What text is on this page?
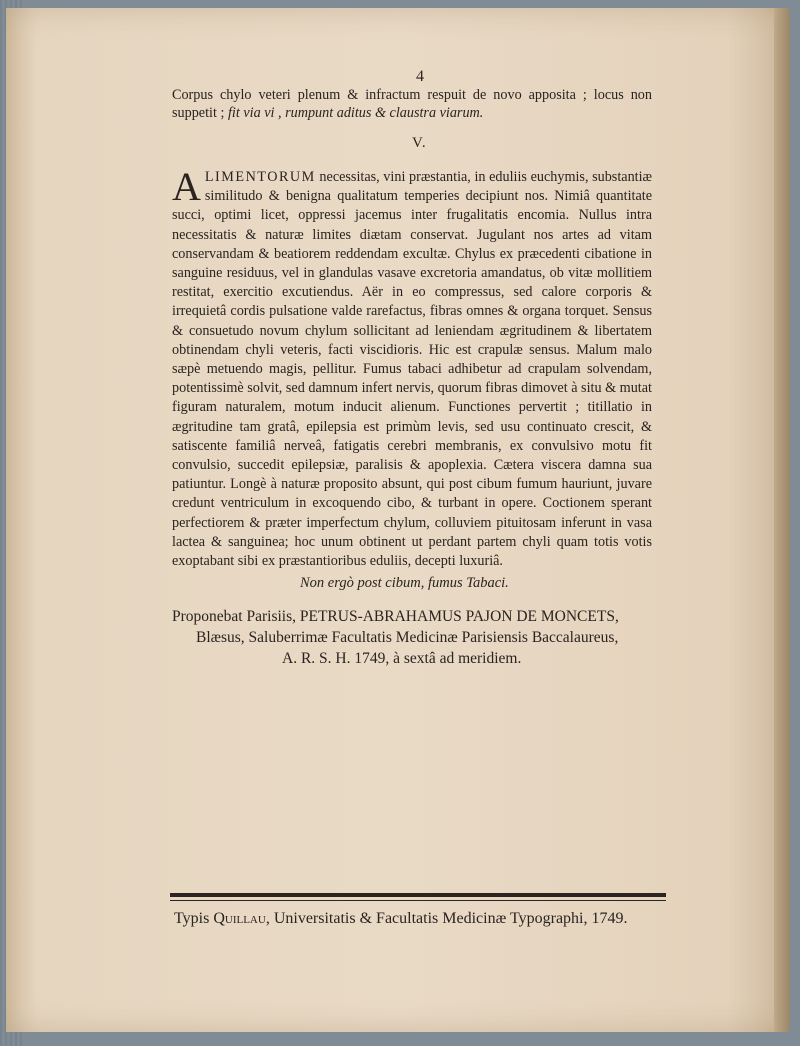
4
Corpus chylo veteri plenum & infractum respuit de novo apposita ; locus non suppetit ; fit via vi , rumpunt aditus & claustra viarum.
V.
ALIMENTORUM necessitas, vini præstantia, in eduliis euchymis, substantiæ similitudo & benigna qualitatum temperies decipiunt nos. Nimiâ quantitate succi, optimi licet, oppressi jacemus inter frugalitatis encomia. Nullus intra necessitatis & naturæ limites diætam conservat. Jugulant nos artes ad vitam conservandam & beatiorem reddendam excultæ. Chylus ex præcedenti cibatione in sanguine residuus, vel in glandulas vasave excretoria amandatus, ob vitæ mollitiem restitat, exercitio excutiendus. Aër in eo compressus, sed calore corporis & irrequietâ cordis pulsatione valde rarefactus, fibras omnes & organa torquet. Sensus & consuetudo novum chylum sollicitant ad leniendam ægritudinem & libertatem obtinendam chyli veteris, facti viscidioris. Hic est crapulæ sensus. Malum malo sæpè metuendo magis, pellitur. Fumus tabaci adhibetur ad crapulam solvendam, potentissimè solvit, sed damnum infert nervis, quorum fibras dimovet à situ & mutat figuram naturalem, motum inducit alienum. Functiones pervertit ; titillatio in ægritudine tam gratâ, epilepsia est primùm levis, sed usu continuato crescit, & satiscente familiâ nerveâ, fatigatis cerebri membranis, ex convulsivo motu fit convulsio, succedit epilepsiæ, paralisis & apoplexia. Cætera viscera damna sua patiuntur. Longè à naturæ proposito absunt, qui post cibum fumum hauriunt, juvare credunt ventriculum in excoquendo cibo, & turbant in opere. Coctionem sperant perfectiorem & præter imperfectum chylum, colluviem pituitosam inferunt in vasa lactea & sanguinea; hoc unum obtinent ut perdant partem chyli quam totis votis exoptabant sibi ex præstantioribus eduliis, decepti luxuriâ.
Non ergò post cibum, fumus Tabaci.
Proponebat Parisiis, PETRUS-ABRAHAMUS PAJON DE MONCETS,
Blæsus, Saluberrimæ Facultatis Medicinæ Parisiensis Baccalaureus,
A. R. S. H. 1749, à sextâ ad meridiem.
Typis Quillau, Universitatis & Facultatis Medicinæ Typographi, 1749.
